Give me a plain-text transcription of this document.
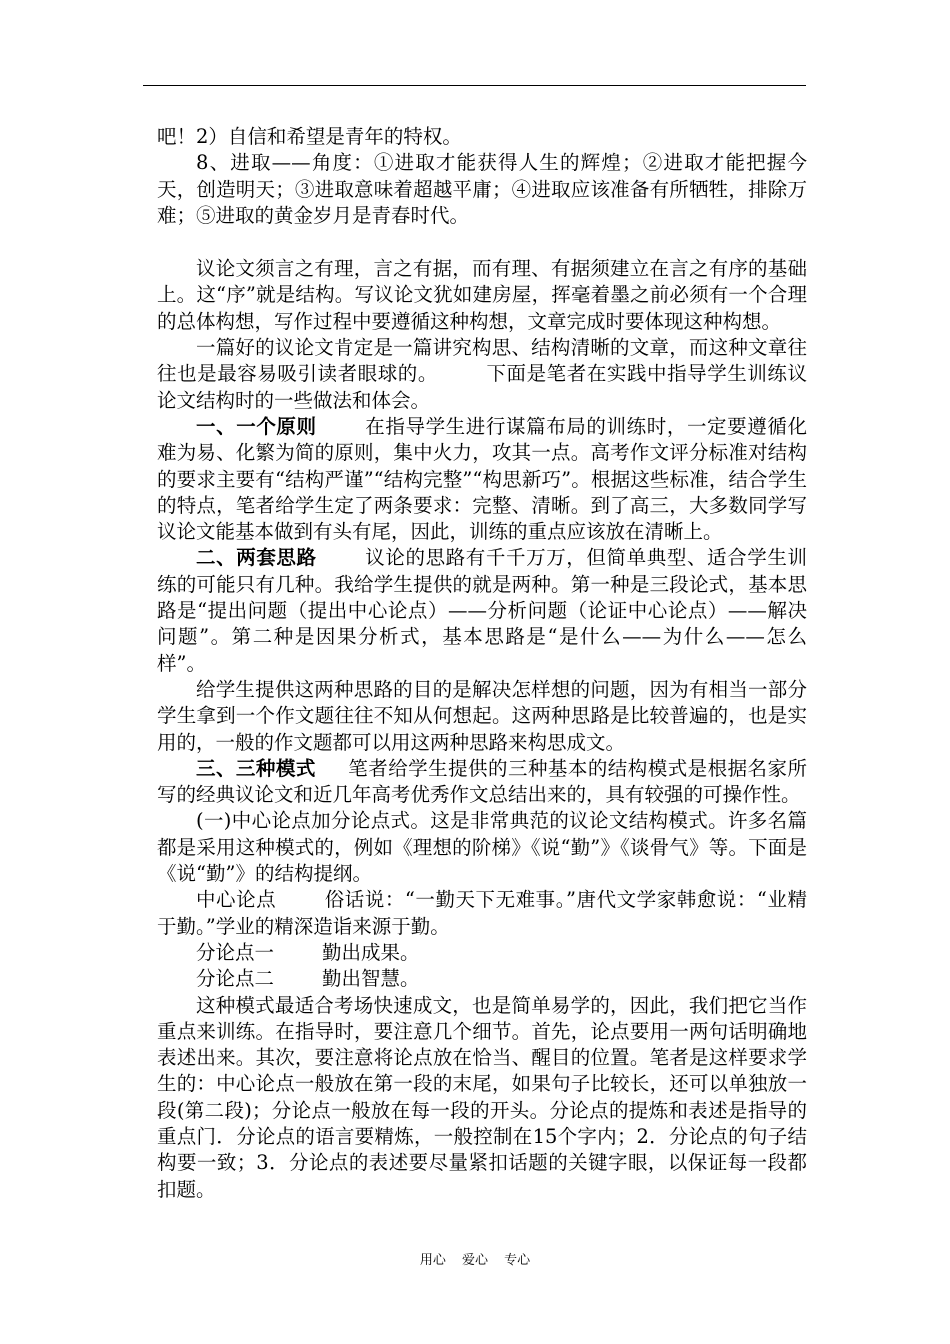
吧！2）自信和希望是青年的特权。

8、进取——角度：①进取才能获得人生的辉煌；②进取才能把握今天，创造明天；③进取意味着超越平庸；④进取应该准备有所牺牲，排除万难；⑤进取的黄金岁月是青春时代。

议论文须言之有理，言之有据，而有理、有据须建立在言之有序的基础上。这“序”就是结构。写议论文犹如建房屋，挥毫着墨之前必须有一个合理的总体构想，写作过程中要遵循这种构想，文章完成时要体现这种构想。

一篇好的议论文肯定是一篇讲究构思、结构清晰的文章，而这种文章往往也是最容易吸引读者眼球的。 下面是笔者在实践中指导学生训练议论文结构时的一些做法和体会。

一、一个原则 在指导学生进行谋篇布局的训练时，一定要遵循化难为易、化繁为简的原则，集中火力，攻其一点。高考作文评分标准对结构的要求主要有“结构严谨”“结构完整”“构思新巧”。根据这些标准，结合学生的特点，笔者给学生定了两条要求：完整、清晰。到了高三，大多数同学写议论文能基本做到有头有尾，因此，训练的重点应该放在清晰上。

二、两套思路 议论的思路有千千万万，但简单典型、适合学生训练的可能只有几种。我给学生提供的就是两种。第一种是三段论式，基本思路是“提出问题（提出中心论点）——分析问题（论证中心论点）——解决问题”。第二种是因果分析式，基本思路是“是什么——为什么——怎么样”。

给学生提供这两种思路的目的是解决怎样想的问题，因为有相当一部分学生拿到一个作文题往往不知从何想起。这两种思路是比较普遍的，也是实用的，一般的作文题都可以用这两种思路来构思成文。

三、三种模式 笔者给学生提供的三种基本的结构模式是根据名家所写的经典议论文和近几年高考优秀作文总结出来的，具有较强的可操作性。

(一)中心论点加分论点式。这是非常典范的议论文结构模式。许多名篇都是采用这种模式的，例如《理想的阶梯》《说“勤”》《谈骨气》等。下面是《说“勤”》的结构提纲。

中心论点 俗话说：“一勤天下无难事。”唐代文学家韩愈说：“业精于勤。”学业的精深造诣来源于勤。

分论点一 勤出成果。

分论点二 勤出智慧。

这种模式最适合考场快速成文，也是简单易学的，因此，我们把它当作重点来训练。在指导时，要注意几个细节。首先，论点要用一两句话明确地表述出来。其次，要注意将论点放在恰当、醒目的位置。笔者是这样要求学生的：中心论点一般放在第一段的末尾，如果句子比较长，还可以单独放一段(第二段)；分论点一般放在每一段的开头。分论点的提炼和表述是指导的重点门．分论点的语言要精炼，一般控制在15个字内；2．分论点的句子结构要一致；3．分论点的表述要尽量紧扣话题的关键字眼，以保证每一段都扣题。

用心 爱心 专心
